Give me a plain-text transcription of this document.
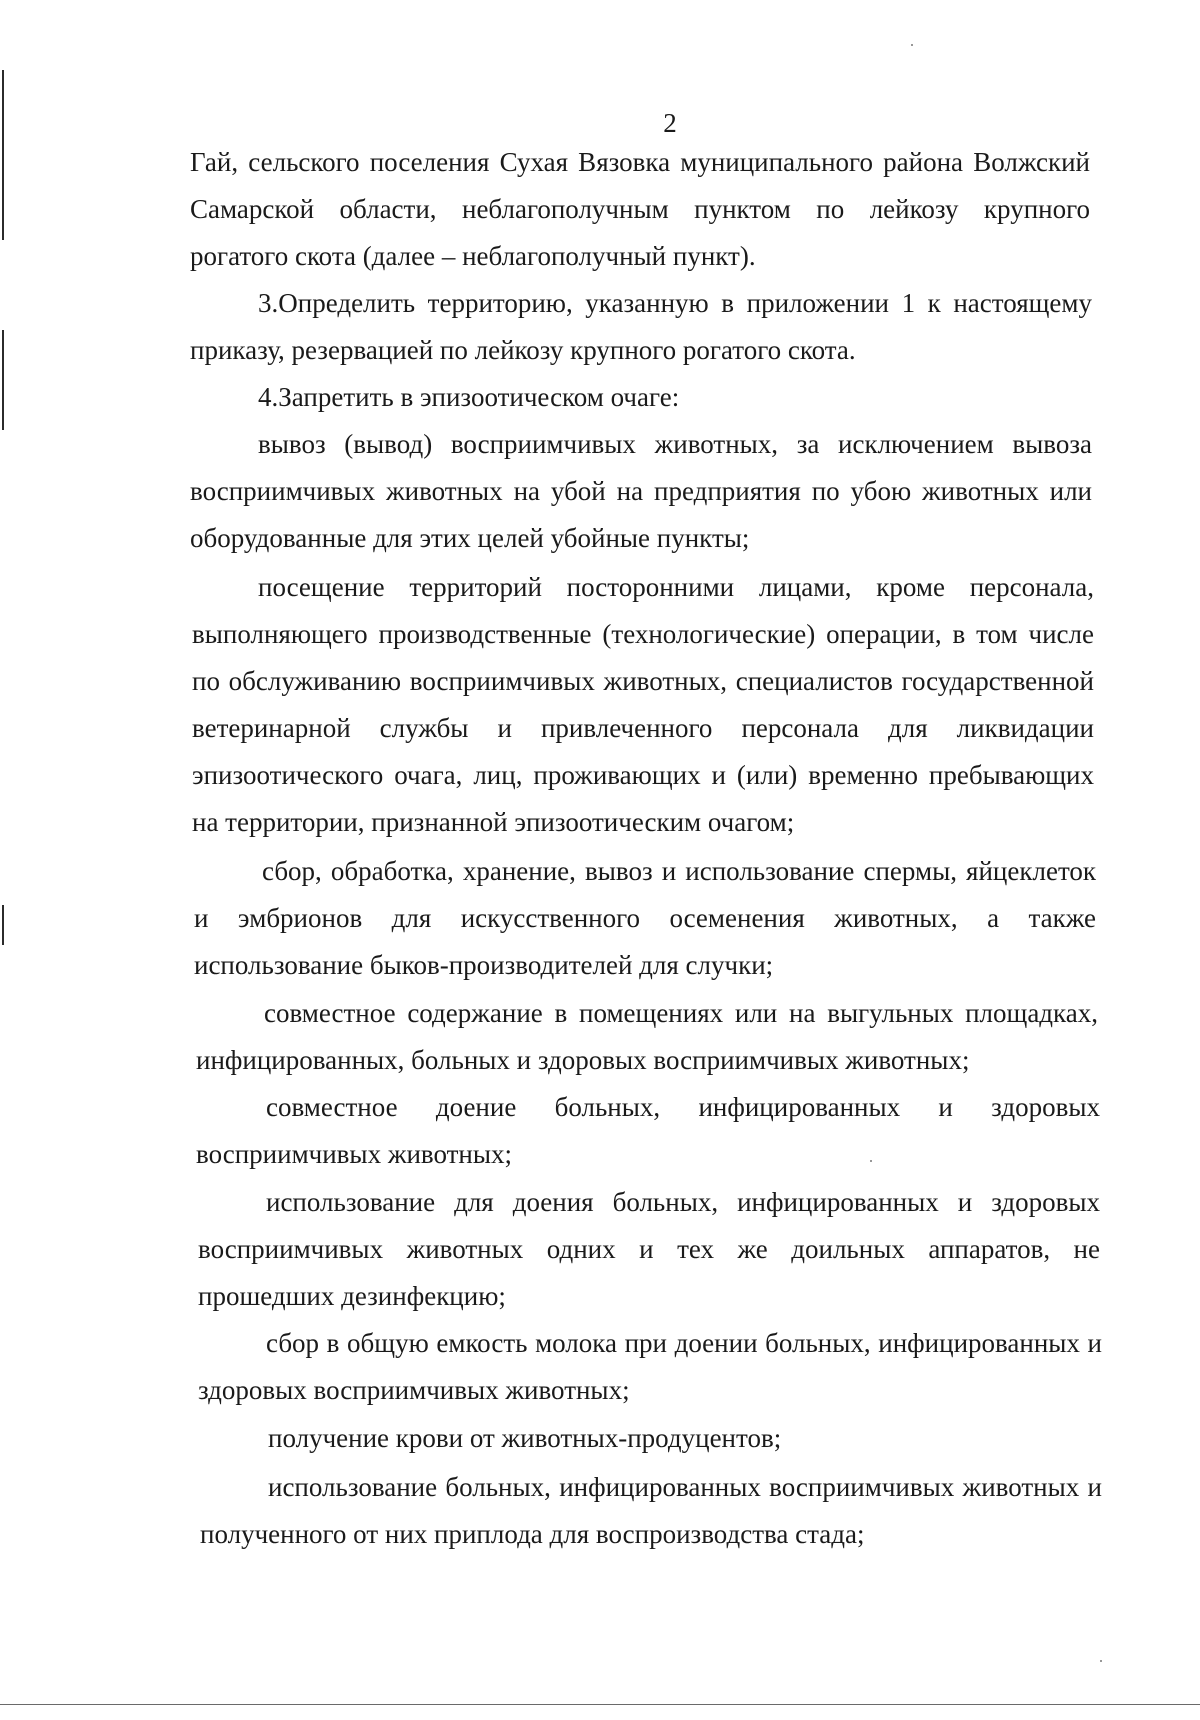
2
Гай, сельского поселения Сухая Вязовка муниципального района Волжский
Самарской области, неблагополучным пунктом по лейкозу крупного
рогатого скота (далее – неблагополучный пункт).
3.Определить территорию, указанную в приложении 1 к настоящему
приказу, резервацией по лейкозу крупного рогатого скота.
4.Запретить в эпизоотическом очаге:
вывоз (вывод) восприимчивых животных, за исключением вывоза
восприимчивых животных на убой на предприятия по убою животных или
оборудованные для этих целей убойные пункты;
посещение территорий посторонними лицами, кроме персонала,
выполняющего производственные (технологические) операции, в том числе
по обслуживанию восприимчивых животных, специалистов государственной
ветеринарной службы и привлеченного персонала для ликвидации
эпизоотического очага, лиц, проживающих и (или) временно пребывающих
на территории, признанной эпизоотическим очагом;
сбор, обработка, хранение, вывоз и использование спермы, яйцеклеток
и эмбрионов для искусственного осеменения животных, а также
использование быков-производителей для случки;
совместное содержание в помещениях или на выгульных площадках,
инфицированных, больных и здоровых восприимчивых животных;
совместное доение больных, инфицированных и здоровых
восприимчивых животных;
использование для доения больных, инфицированных и здоровых
восприимчивых животных одних и тех же доильных аппаратов, не
прошедших дезинфекцию;
сбор в общую емкость молока при доении больных, инфицированных и
здоровых восприимчивых животных;
получение крови от животных-продуцентов;
использование больных, инфицированных восприимчивых животных и
полученного от них приплода для воспроизводства стада;
